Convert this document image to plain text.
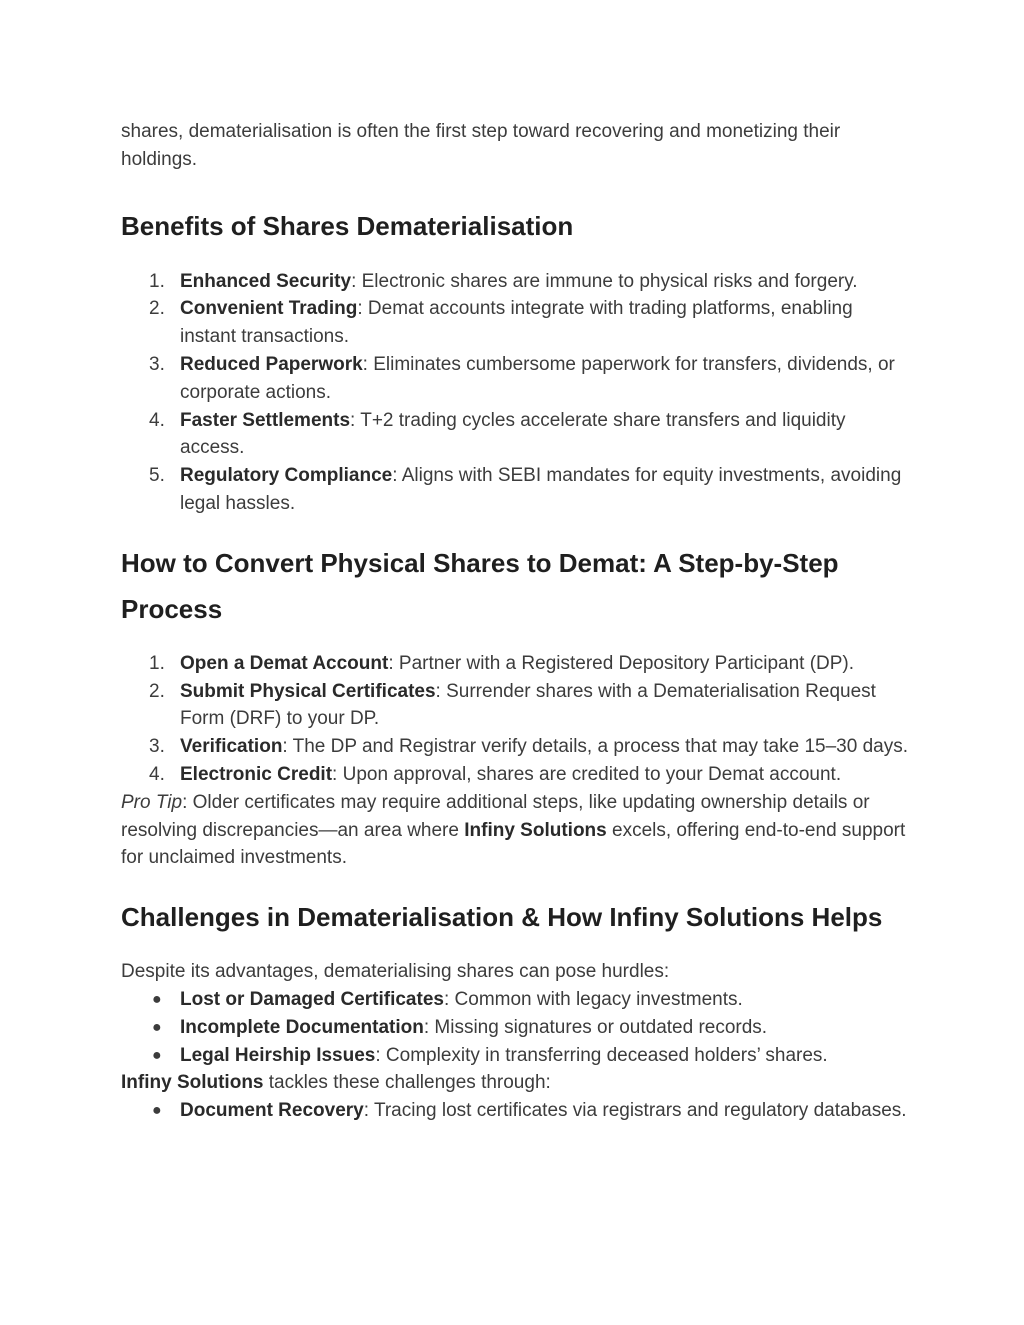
shares, dematerialisation is often the first step toward recovering and monetizing their holdings.

Benefits of Shares Dematerialisation
1. Enhanced Security: Electronic shares are immune to physical risks and forgery.
2. Convenient Trading: Demat accounts integrate with trading platforms, enabling instant transactions.
3. Reduced Paperwork: Eliminates cumbersome paperwork for transfers, dividends, or corporate actions.
4. Faster Settlements: T+2 trading cycles accelerate share transfers and liquidity access.
5. Regulatory Compliance: Aligns with SEBI mandates for equity investments, avoiding legal hassles.
How to Convert Physical Shares to Demat: A Step-by-Step Process
1. Open a Demat Account: Partner with a Registered Depository Participant (DP).
2. Submit Physical Certificates: Surrender shares with a Dematerialisation Request Form (DRF) to your DP.
3. Verification: The DP and Registrar verify details, a process that may take 15–30 days.
4. Electronic Credit: Upon approval, shares are credited to your Demat account.

Pro Tip: Older certificates may require additional steps, like updating ownership details or resolving discrepancies—an area where Infiny Solutions excels, offering end-to-end support for unclaimed investments.

Challenges in Dematerialisation & How Infiny Solutions Helps

Despite its advantages, dematerialising shares can pose hurdles:

● Lost or Damaged Certificates: Common with legacy investments.
● Incomplete Documentation: Missing signatures or outdated records.
● Legal Heirship Issues: Complexity in transferring deceased holders’ shares.

Infiny Solutions tackles these challenges through:

● Document Recovery: Tracing lost certificates via registrars and regulatory databases.
